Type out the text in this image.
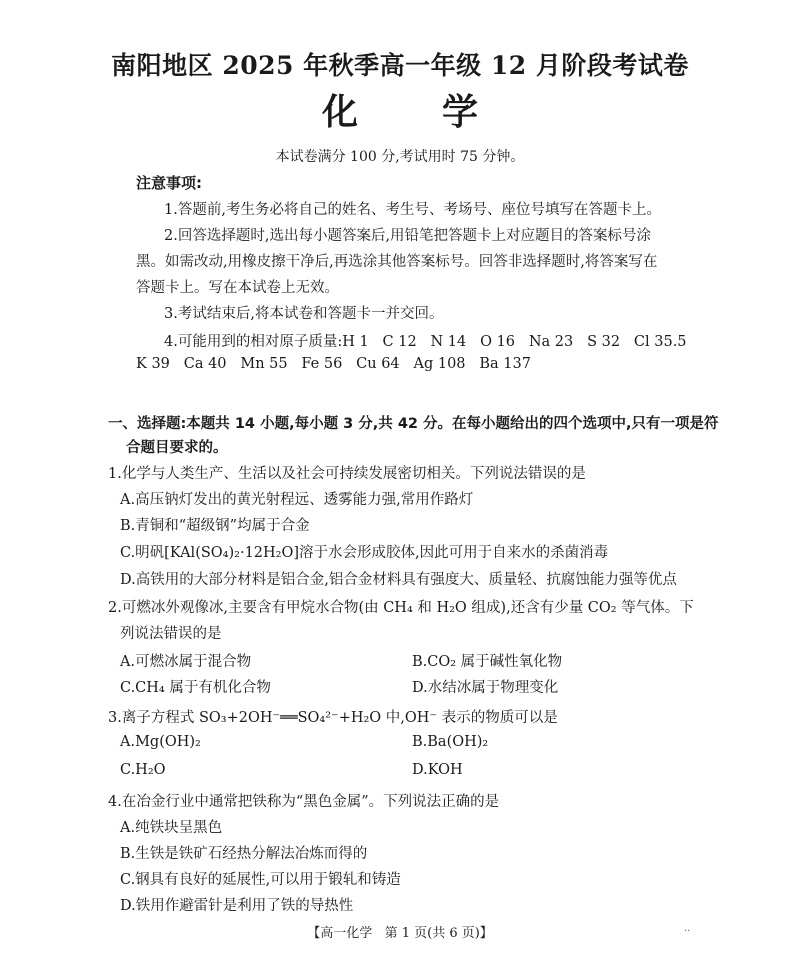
南阳地区 2025 年秋季高一年级 12 月阶段考试卷
化 学
本试卷满分 100 分,考试用时 75 分钟。
注意事项:
1.答题前,考生务必将自己的姓名、考生号、考场号、座位号填写在答题卡上。
2.回答选择题时,选出每小题答案后,用铅笔把答题卡上对应题目的答案标号涂
黑。如需改动,用橡皮擦干净后,再选涂其他答案标号。回答非选择题时,将答案写在
答题卡上。写在本试卷上无效。
3.考试结束后,将本试卷和答题卡一并交回。
4.可能用到的相对原子质量:H 1   C 12   N 14   O 16   Na 23   S 32   Cl 35.5
K 39   Ca 40   Mn 55   Fe 56   Cu 64   Ag 108   Ba 137
一、选择题:本题共 14 小题,每小题 3 分,共 42 分。在每小题给出的四个选项中,只有一项是符
合题目要求的。
1.化学与人类生产、生活以及社会可持续发展密切相关。下列说法错误的是
A.高压钠灯发出的黄光射程远、透雾能力强,常用作路灯
B.青铜和“超级钢”均属于合金
C.明矾[KAl(SO₄)₂·12H₂O]溶于水会形成胶体,因此可用于自来水的杀菌消毒
D.高铁用的大部分材料是铝合金,铝合金材料具有强度大、质量轻、抗腐蚀能力强等优点
2.可燃冰外观像冰,主要含有甲烷水合物(由 CH₄ 和 H₂O 组成),还含有少量 CO₂ 等气体。下
列说法错误的是
A.可燃冰属于混合物	B.CO₂ 属于碱性氧化物
C.CH₄ 属于有机化合物	D.水结冰属于物理变化
3.离子方程式 SO₃+2OH⁻══SO₄²⁻+H₂O 中,OH⁻ 表示的物质可以是
A.Mg(OH)₂	B.Ba(OH)₂
C.H₂O	D.KOH
4.在冶金行业中通常把铁称为“黑色金属”。下列说法正确的是
A.纯铁块呈黑色
B.生铁是铁矿石经热分解法冶炼而得的
C.钢具有良好的延展性,可以用于锻轧和铸造
D.铁用作避雷针是利用了铁的导热性
【高一化学   第 1 页(共 6 页)】	··
